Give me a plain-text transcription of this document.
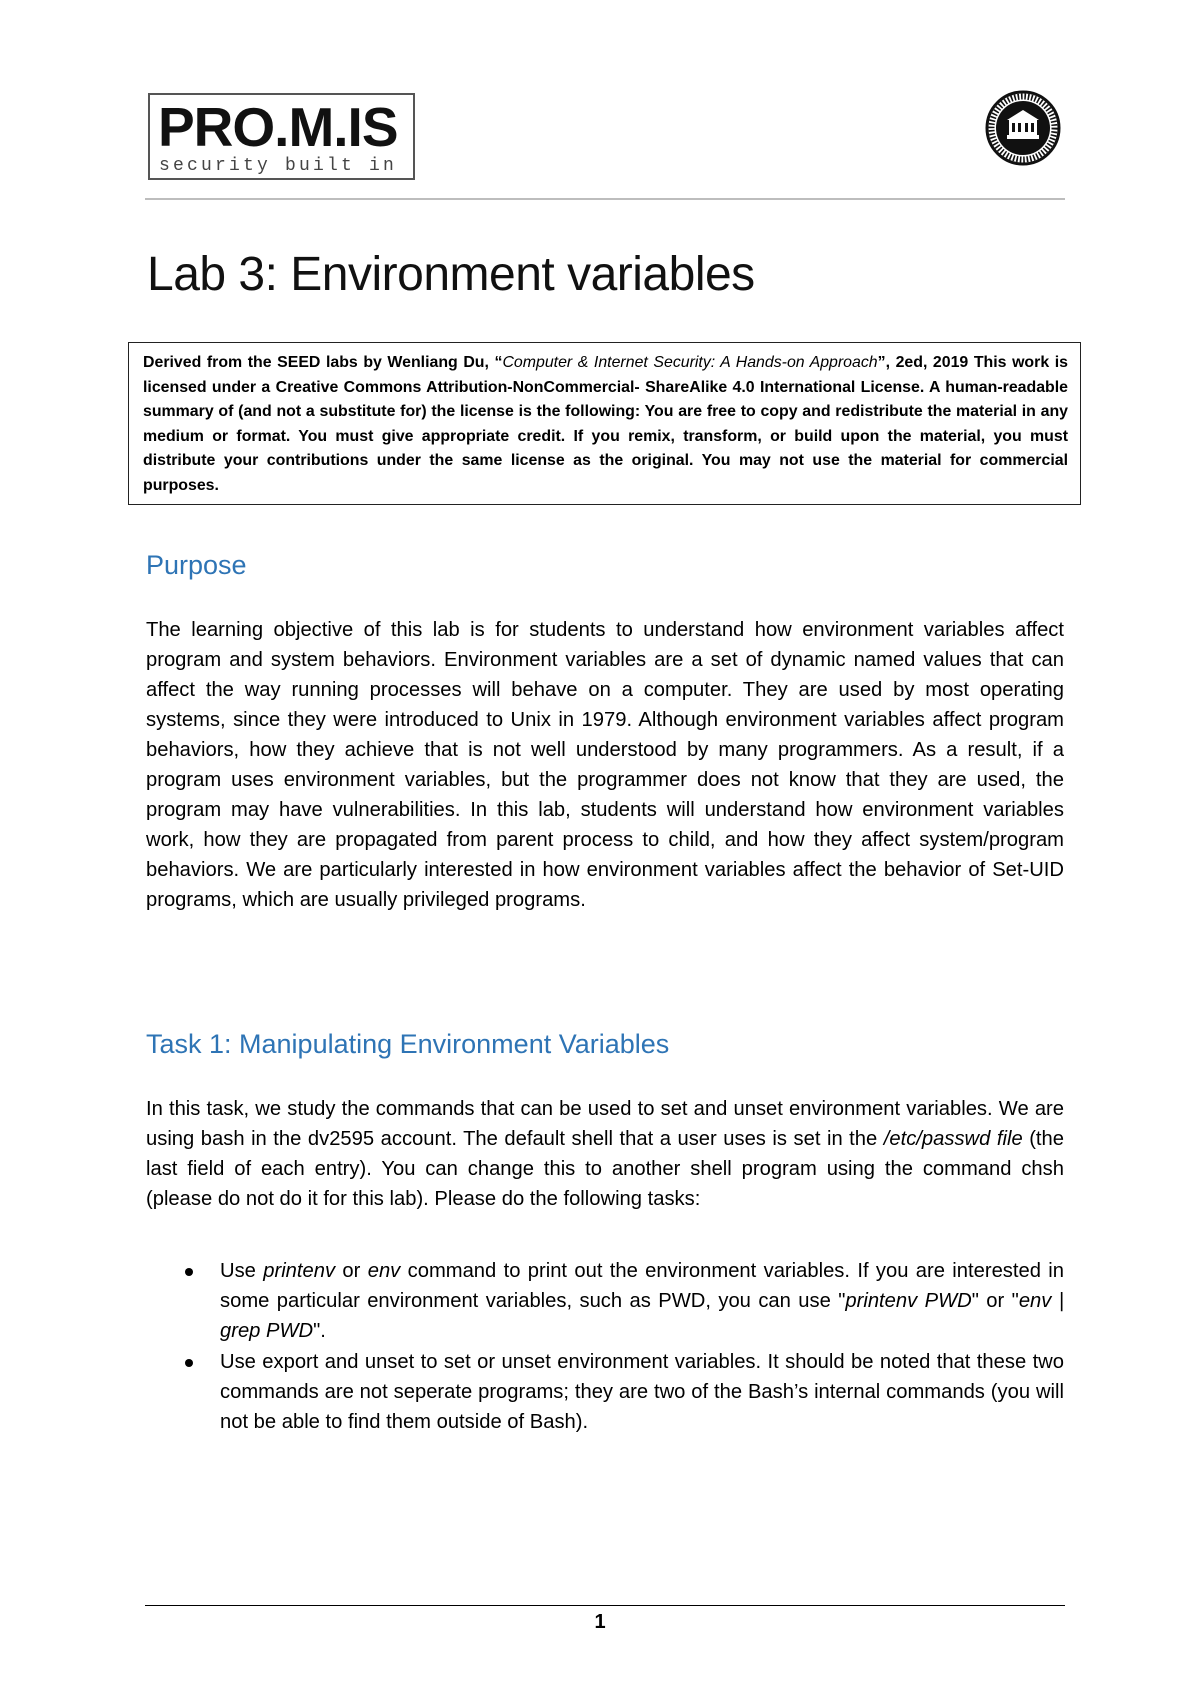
PRO.M.IS
security built in
Lab 3: Environment variables
Derived from the SEED labs by Wenliang Du, “Computer & Internet Security: A Hands-on Approach”, 2ed, 2019 This work is licensed under a Creative Commons Attribution-NonCommercial- ShareAlike 4.0 International License. A human-readable summary of (and not a substitute for) the license is the following: You are free to copy and redistribute the material in any medium or format. You must give appropriate credit. If you remix, transform, or build upon the material, you must distribute your contributions under the same license as the original. You may not use the material for commercial purposes.
Purpose

The learning objective of this lab is for students to understand how environment variables affect program and system behaviors. Environment variables are a set of dynamic named values that can affect the way running processes will behave on a computer. They are used by most operating systems, since they were introduced to Unix in 1979. Although environment variables affect program behaviors, how they achieve that is not well understood by many programmers. As a result, if a program uses environment variables, but the programmer does not know that they are used, the program may have vulnerabilities. In this lab, students will understand how environment variables work, how they are propagated from parent process to child, and how they affect system/program behaviors. We are particularly interested in how environment variables affect the behavior of Set-UID programs, which are usually privileged programs.

Task 1: Manipulating Environment Variables

In this task, we study the commands that can be used to set and unset environment variables. We are using bash in the dv2595 account. The default shell that a user uses is set in the /etc/passwd file (the last field of each entry). You can change this to another shell program using the command chsh (please do not do it for this lab). Please do the following tasks:

Use printenv or env command to print out the environment variables. If you are interested in some particular environment variables, such as PWD, you can use "printenv PWD" or "env | grep PWD".
Use export and unset to set or unset environment variables. It should be noted that these two commands are not seperate programs; they are two of the Bash’s internal commands (you will not be able to find them outside of Bash).
1
